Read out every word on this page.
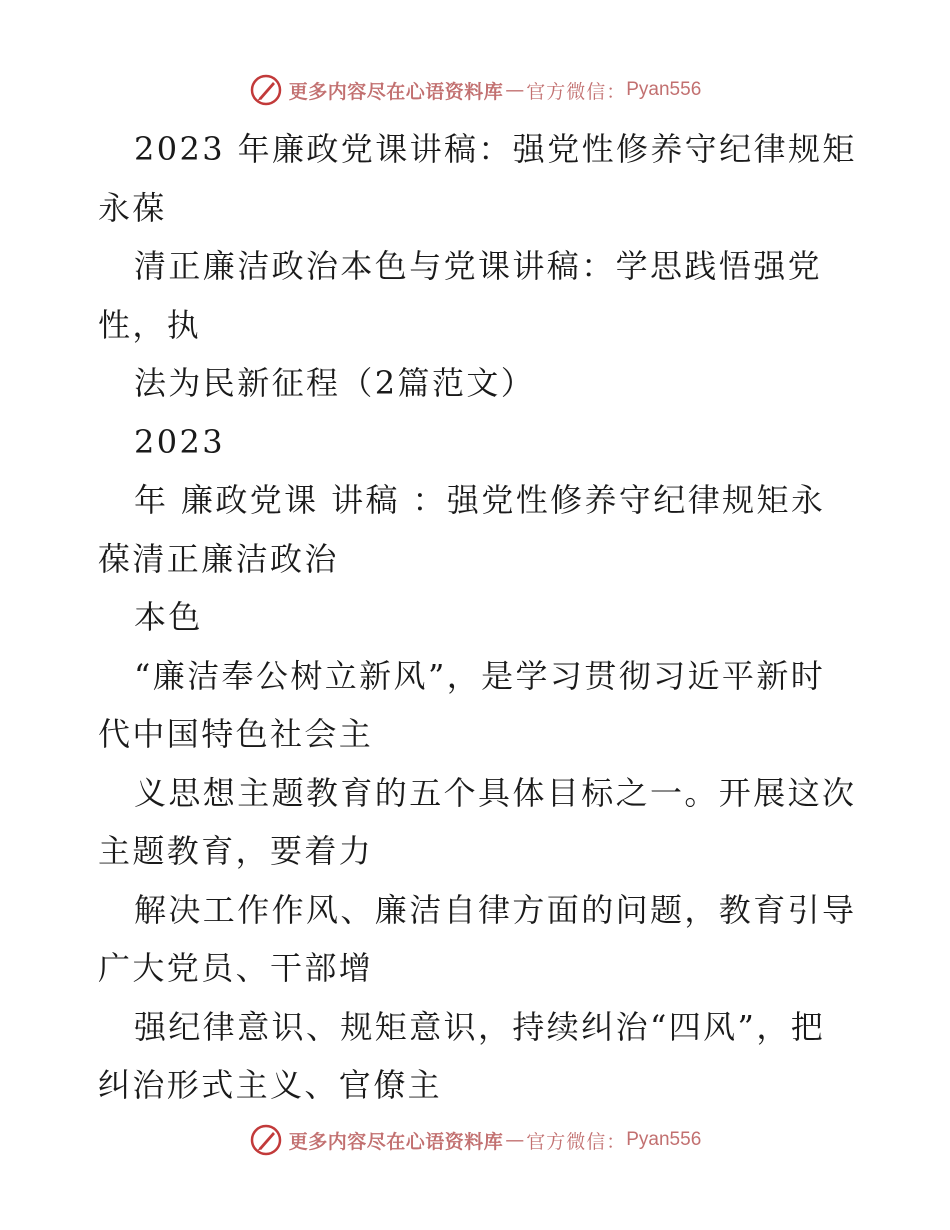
更多内容尽在心语资料库 — 官方微信： Pyan556
2023 年廉政党课讲稿：强党性修养守纪律规矩
永葆
清正廉洁政治本色与党课讲稿：学思践悟强党
性，执
法为民新征程（2篇范文）
2023
年 廉政党课 讲稿 ：强党性修养守纪律规矩永
葆清正廉洁政治
本色
“廉洁奉公树立新风”，是学习贯彻习近平新时
代中国特色社会主
义思想主题教育的五个具体目标之一。开展这次
主题教育，要着力
解决工作作风、廉洁自律方面的问题，教育引导
广大党员、干部增
强纪律意识、规矩意识，持续纠治“四风”，把
纠治形式主义、官僚主
更多内容尽在心语资料库 — 官方微信： Pyan556
